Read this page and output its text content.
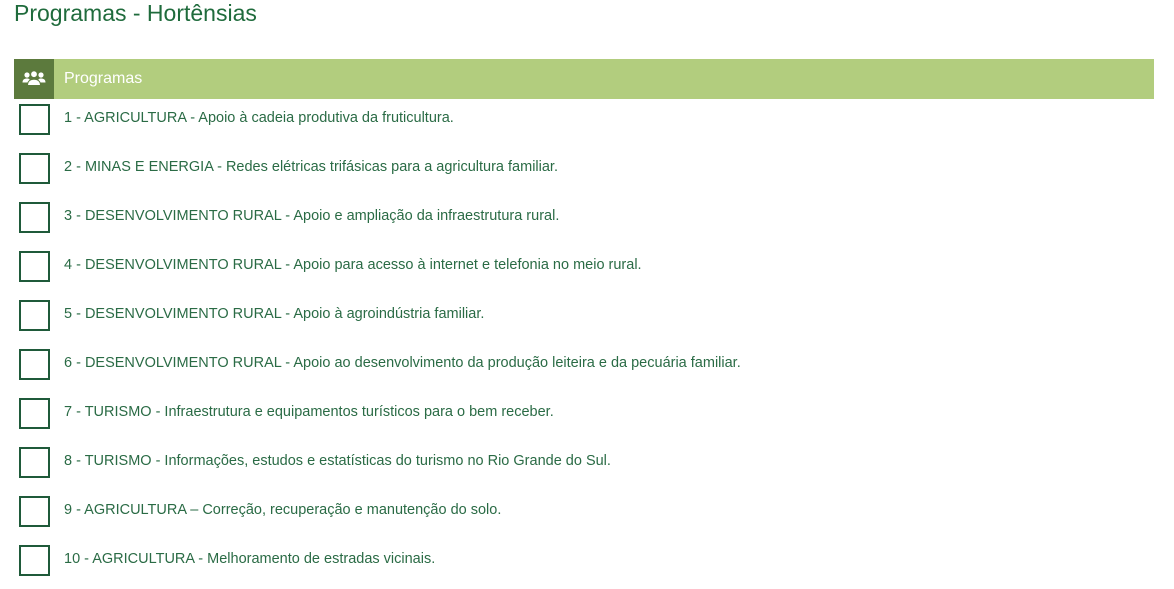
Programas - Hortênsias
Programas
1 - AGRICULTURA - Apoio à cadeia produtiva da fruticultura.
2 - MINAS E ENERGIA - Redes elétricas trifásicas para a agricultura familiar.
3 - DESENVOLVIMENTO RURAL - Apoio e ampliação da infraestrutura rural.
4 - DESENVOLVIMENTO RURAL - Apoio para acesso à internet e telefonia no meio rural.
5 - DESENVOLVIMENTO RURAL - Apoio à agroindústria familiar.
6 - DESENVOLVIMENTO RURAL - Apoio ao desenvolvimento da produção leiteira e da pecuária familiar.
7 - TURISMO - Infraestrutura e equipamentos turísticos para o bem receber.
8 - TURISMO - Informações, estudos e estatísticas do turismo no Rio Grande do Sul.
9 - AGRICULTURA – Correção, recuperação e manutenção do solo.
10 - AGRICULTURA - Melhoramento de estradas vicinais.
